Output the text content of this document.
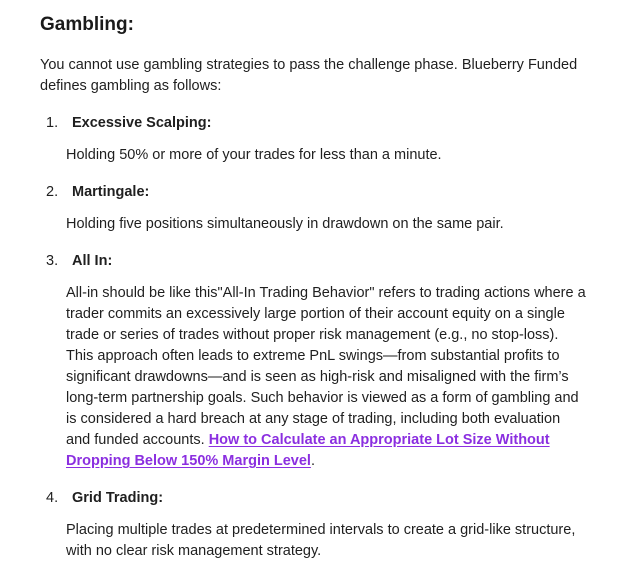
Gambling:

You cannot use gambling strategies to pass the challenge phase. Blueberry Funded defines gambling as follows:

1. Excessive Scalping:

Holding 50% or more of your trades for less than a minute.

2. Martingale:

Holding five positions simultaneously in drawdown on the same pair.

3. All In:

All-in should be like this"All-In Trading Behavior" refers to trading actions where a trader commits an excessively large portion of their account equity on a single trade or series of trades without proper risk management (e.g., no stop-loss). This approach often leads to extreme PnL swings—from substantial profits to significant drawdowns—and is seen as high-risk and misaligned with the firm’s long-term partnership goals. Such behavior is viewed as a form of gambling and is considered a hard breach at any stage of trading, including both evaluation and funded accounts. How to Calculate an Appropriate Lot Size Without Dropping Below 150% Margin Level.

4. Grid Trading:

Placing multiple trades at predetermined intervals to create a grid-like structure, with no clear risk management strategy.
